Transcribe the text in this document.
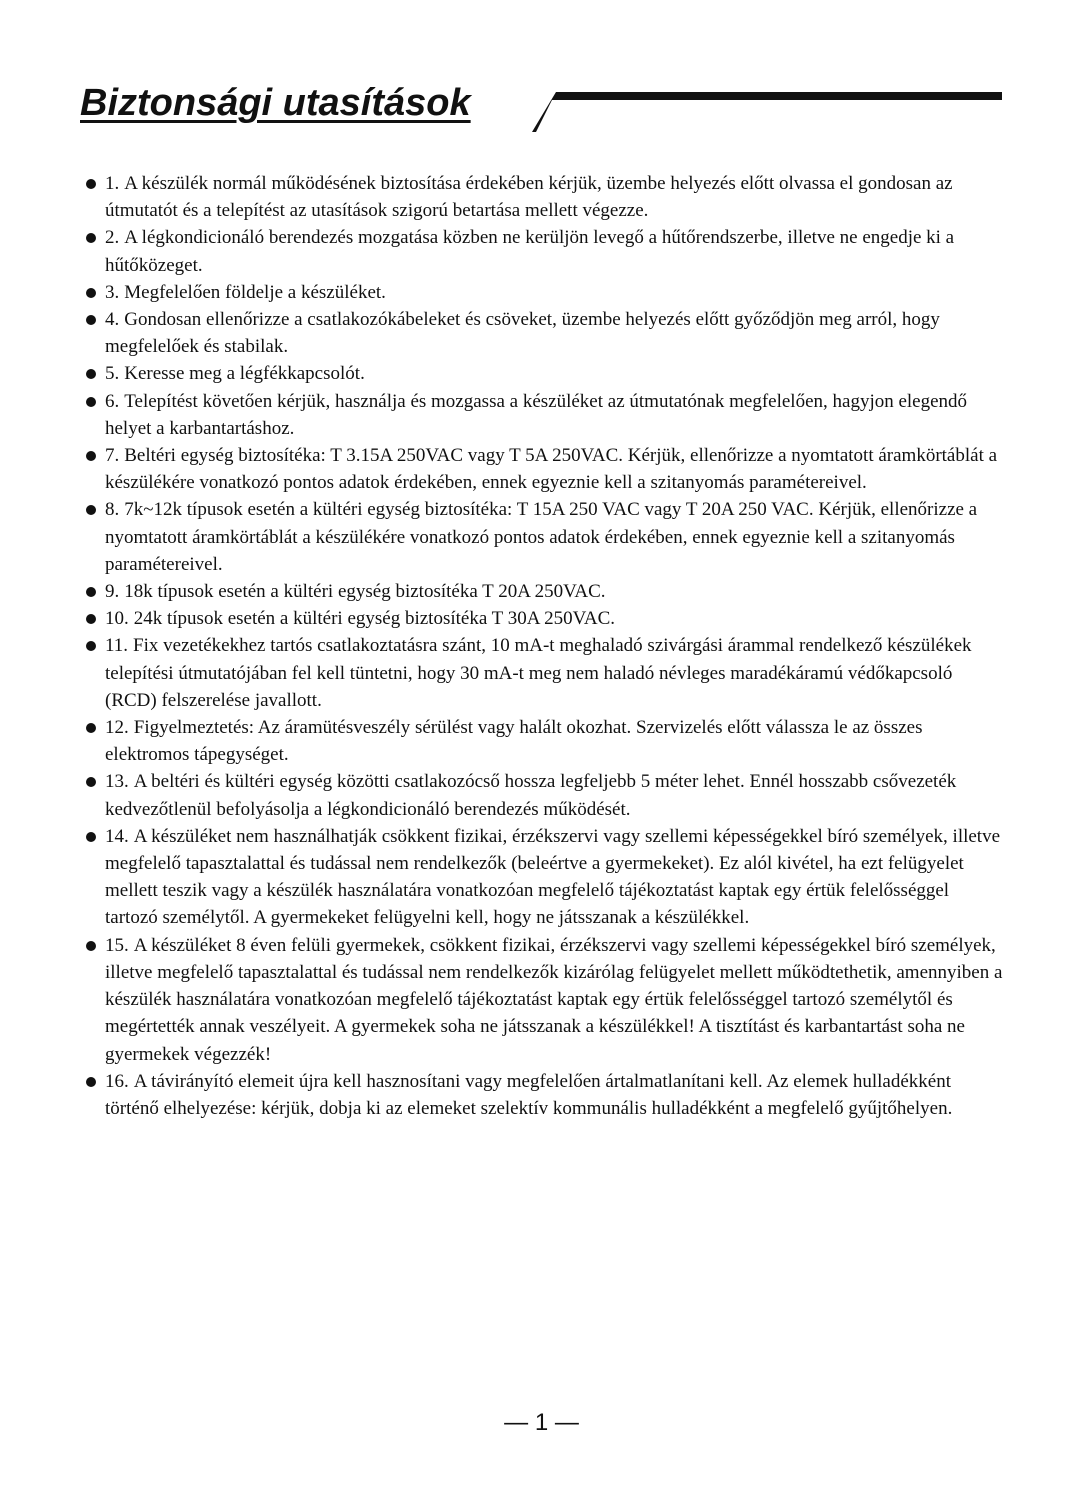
Biztonsági utasítások
1. A készülék normál működésének biztosítása érdekében kérjük, üzembe helyezés előtt olvassa el gondosan az útmutatót és a telepítést az utasítások szigorú betartása mellett végezze.
2. A légkondicionáló berendezés mozgatása közben ne kerüljön levegő a hűtőrendszerbe, illetve ne engedje ki a hűtőközeget.
3. Megfelelően földelje a készüléket.
4. Gondosan ellenőrizze a csatlakozókábeleket és csöveket, üzembe helyezés előtt győződjön meg arról, hogy megfelelőek és stabilak.
5. Keresse meg a légfékkapcsolót.
6. Telepítést követően kérjük, használja és mozgassa a készüléket az útmutatónak megfelelően, hagyjon elegendő helyet a karbantartáshoz.
7. Beltéri egység biztosítéka: T 3.15A 250VAC vagy T 5A 250VAC. Kérjük, ellenőrizze a nyomtatott áramkörtáblát a készülékére vonatkozó pontos adatok érdekében, ennek egyeznie kell a szitanyomás paramétereivel.
8. 7k~12k típusok esetén a kültéri egység biztosítéka: T 15A 250 VAC vagy T 20A 250 VAC. Kérjük, ellenőrizze a nyomtatott áramkörtáblát a készülékére vonatkozó pontos adatok érdekében, ennek egyeznie kell a szitanyomás paramétereivel.
9. 18k típusok esetén a kültéri egység biztosítéka T 20A 250VAC.
10. 24k típusok esetén a kültéri egység biztosítéka T 30A 250VAC.
11. Fix vezetékekhez tartós csatlakoztatásra szánt, 10 mA-t meghaladó szivárgási árammal rendelkező készülékek telepítési útmutatójában fel kell tüntetni, hogy 30 mA-t meg nem haladó névleges maradékáramú védőkapcsoló (RCD) felszerelése javallott.
12. Figyelmeztetés: Az áramütésveszély sérülést vagy halált okozhat. Szervizelés előtt válassza le az összes elektromos tápegységet.
13. A beltéri és kültéri egység közötti csatlakozócső hossza legfeljebb 5 méter lehet. Ennél hosszabb csővezeték kedvezőtlenül befolyásolja a légkondicionáló berendezés működését.
14. A készüléket nem használhatják csökkent fizikai, érzékszervi vagy szellemi képességekkel bíró személyek, illetve megfelelő tapasztalattal és tudással nem rendelkezők (beleértve a gyermekeket). Ez alól kivétel, ha ezt felügyelet mellett teszik vagy a készülék használatára vonatkozóan megfelelő tájékoztatást kaptak egy értük felelősséggel tartozó személytől. A gyermekeket felügyelni kell, hogy ne játsszanak a készülékkel.
15. A készüléket 8 éven felüli gyermekek, csökkent fizikai, érzékszervi vagy szellemi képességekkel bíró személyek, illetve megfelelő tapasztalattal és tudással nem rendelkezők kizárólag felügyelet mellett működtethetik, amennyiben a készülék használatára vonatkozóan megfelelő tájékoztatást kaptak egy értük felelősséggel tartozó személytől és megértették annak veszélyeit. A gyermekek soha ne játsszanak a készülékkel! A tisztítást és karbantartást soha ne gyermekek végezzék!
16. A távirányító elemeit újra kell hasznosítani vagy megfelelően ártalmatlanítani kell. Az elemek hulladékként történő elhelyezése: kérjük, dobja ki az elemeket szelektív kommunális hulladékként a megfelelő gyűjtőhelyen.
— 1 —
